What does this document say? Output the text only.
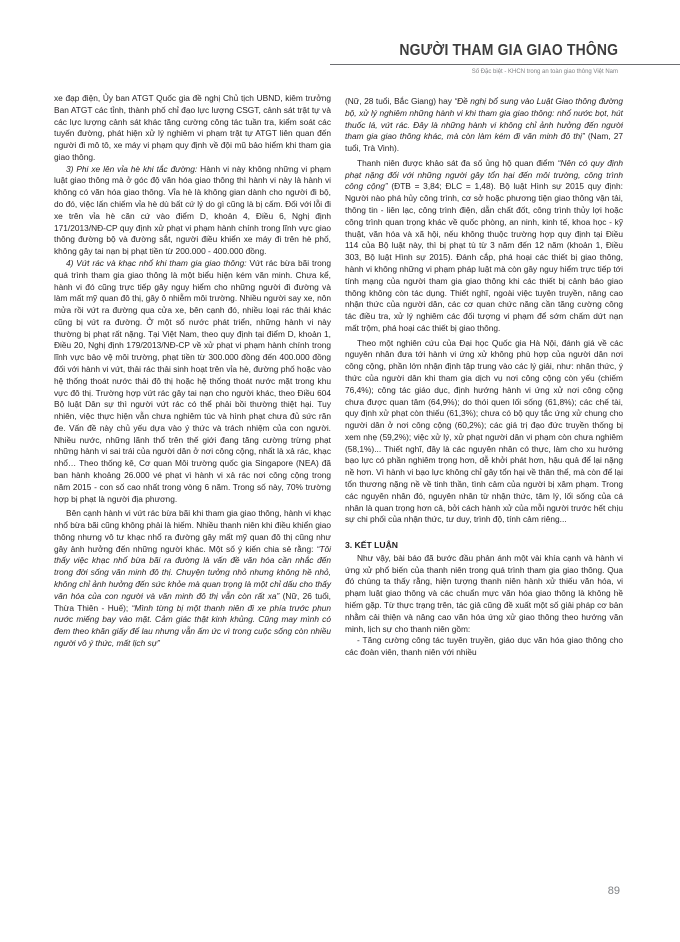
NGƯỜI THAM GIA GIAO THÔNG
Số Đặc biệt - KHCN trong an toàn giao thông Việt Nam

xe đạp điện, Ủy ban ATGT Quốc gia đề nghị Chủ tịch UBND, kiêm trưởng Ban ATGT các tỉnh, thành phố chỉ đạo lực lượng CSGT, cảnh sát trật tự và các lực lượng cảnh sát khác tăng cường công tác tuần tra, kiểm soát các tuyến đường, phát hiện xử lý nghiêm vi phạm trật tự ATGT liên quan đến người đi mô tô, xe máy vi phạm quy định về đội mũ bảo hiểm khi tham gia giao thông.

3) Phi xe lên vỉa hè khi tắc đường: Hành vi này không những vi phạm luật giao thông mà ở góc độ văn hóa giao thông thì hành vi này là hành vi không có văn hóa giao thông. Vỉa hè là không gian dành cho người đi bộ, do đó, việc lấn chiếm vỉa hè dù bất cứ lý do gì cũng là bị cấm. Đối với lỗi đi xe trên vỉa hè căn cứ vào điểm D, khoản 4, Điều 6, Nghị định 171/2013/NĐ-CP quy định xử phạt vi phạm hành chính trong lĩnh vực giao thông đường bộ và đường sắt, người điều khiển xe máy đi trên hè phố, không gây tai nạn bị phạt tiền từ 200.000 - 400.000 đồng.

4) Vứt rác và khạc nhổ khi tham gia giao thông: Vứt rác bừa bãi trong quá trình tham gia giao thông là một biểu hiện kém văn minh. Chưa kể, hành vi đó cũng trực tiếp gây nguy hiểm cho những người đi đường và làm mất mỹ quan đô thị, gây ô nhiễm môi trường. Nhiều người say xe, nôn mửa rồi vứt ra đường qua cửa xe, bên cạnh đó, nhiều loại rác thải khác cũng bị vứt ra đường. Ở một số nước phát triển, những hành vi này thường bị phạt rất nặng. Tại Việt Nam, theo quy định tại điểm D, khoản 1, Điều 20, Nghị định 179/2013/NĐ-CP về xử phạt vi phạm hành chính trong lĩnh vực bảo vệ môi trường, phạt tiền từ 300.000 đồng đến 400.000 đồng đối với hành vi vứt, thải rác thải sinh hoạt trên vỉa hè, đường phố hoặc vào hệ thống thoát nước thải đô thị hoặc hệ thống thoát nước mặt trong khu vực đô thị. Trường hợp vứt rác gây tai nạn cho người khác, theo Điều 604 Bộ luật Dân sự thì người vứt rác có thể phải bồi thường thiệt hại. Tuy nhiên, việc thực hiện vẫn chưa nghiêm túc và hình phạt chưa đủ sức răn đe. Vấn đề này chủ yếu dựa vào ý thức và trách nhiệm của con người. Nhiều nước, những lãnh thổ trên thế giới đang tăng cường trừng phạt những hành vi sai trái của người dân ở nơi công cộng, nhất là xả rác, khạc nhổ… Theo thống kê, Cơ quan Môi trường quốc gia Singapore (NEA) đã ban hành khoảng 26.000 vé phạt vì hành vi xả rác nơi công cộng trong năm 2015 - con số cao nhất trong vòng 6 năm. Trong số này, 70% trường hợp bị phạt là người địa phương.

Bên cạnh hành vi vứt rác bừa bãi khi tham gia giao thông, hành vi khạc nhổ bừa bãi cũng không phải là hiếm. Nhiều thanh niên khi điều khiển giao thông nhưng vô tư khạc nhổ ra đường gây mất mỹ quan đô thị cũng như gây ảnh hưởng đến những người khác. Một số ý kiến chia sẻ rằng: “Tôi thấy việc khạc nhổ bừa bãi ra đường là vấn đề văn hóa cần nhắc đến trong đời sống văn minh đô thị. Chuyện tưởng nhỏ nhưng không hề nhỏ, không chỉ ảnh hưởng đến sức khỏe mà quan trọng là một chỉ dấu cho thấy văn hóa của con người và văn minh đô thị vẫn còn rất xa” (Nữ, 26 tuổi, Thừa Thiên - Huế); “Mình từng bị một thanh niên đi xe phía trước phun nước miếng bay vào mặt. Cảm giác thật kinh khủng. Cũng may mình có đem theo khăn giấy để lau nhưng vẫn ấm ức vì trong cuộc sống còn nhiều người vô ý thức, mất lịch sự”

(Nữ, 28 tuổi, Bắc Giang) hay “Đề nghị bổ sung vào Luật Giao thông đường bộ, xử lý nghiêm những hành vi khi tham gia giao thông: nhổ nước bọt, hút thuốc lá, vứt rác. Đây là những hành vi không chỉ ảnh hưởng đến người tham gia giao thông khác, mà còn làm kém đi văn minh đô thị” (Nam, 27 tuổi, Trà Vinh).

Thanh niên được khảo sát đa số ủng hộ quan điểm “Nên có quy định phạt nặng đối với những người gây tổn hại đến môi trường, công trình công cộng” (ĐTB = 3,84; ĐLC = 1,48). Bộ luật Hình sự 2015 quy định: Người nào phá hủy công trình, cơ sở hoặc phương tiện giao thông vận tải, thông tin - liên lạc, công trình điện, dẫn chất đốt, công trình thủy lợi hoặc công trình quan trọng khác về quốc phòng, an ninh, kinh tế, khoa học - kỹ thuật, văn hóa và xã hội, nếu không thuộc trường hợp quy định tại Điều 114 của Bộ luật này, thì bị phạt tù từ 3 năm đến 12 năm (khoản 1, Điều 303, Bộ luật Hình sự 2015). Đánh cắp, phá hoại các thiết bị giao thông, hành vi không những vi phạm pháp luật mà còn gây nguy hiểm trực tiếp tới tính mạng của người tham gia giao thông khi các thiết bị cảnh báo giao thông không còn tác dụng. Thiết nghĩ, ngoài việc tuyên truyền, nâng cao nhận thức của người dân, các cơ quan chức năng cần tăng cường công tác điều tra, xử lý nghiêm các đối tượng vi phạm để sớm chấm dứt nạn mất trộm, phá hoại các thiết bị giao thông.

Theo một nghiên cứu của Đại học Quốc gia Hà Nội, đánh giá về các nguyên nhân đưa tới hành vi ứng xử không phù hợp của người dân nơi công cộng, phần lớn nhận định tập trung vào các lý giải, như: nhận thức, ý thức của người dân khi tham gia dịch vụ nơi công cộng còn yếu (chiếm 76,4%); công tác giáo dục, định hướng hành vi ứng xử nơi công cộng chưa được quan tâm (64,9%); do thói quen lối sống (61,8%); các chế tài, quy định xử phạt còn thiếu (61,3%); chưa có bộ quy tắc ứng xử chung cho người dân ở nơi công cộng (60,2%); các giá trị đạo đức truyền thống bị xem nhẹ (59,2%); việc xử lý, xử phạt người dân vi phạm còn chưa nghiêm (58,1%)... Thiết nghĩ, đây là các nguyên nhân có thực, làm cho xu hướng bạo lực có phần nghiêm trọng hơn, dễ khởi phát hơn, hậu quả để lại nặng nề hơn. Vì hành vi bạo lực không chỉ gây tổn hại về thân thể, mà còn để lại tổn thương nặng nề về tinh thần, tình cảm của người bị xâm phạm. Trong các nguyên nhân đó, nguyên nhân từ nhận thức, tâm lý, lối sống của cá nhân là quan trọng hơn cả, bởi cách hành xử của mỗi người trước hết chịu sự chi phối của nhận thức, tư duy, trình độ, tính cảm riêng...

3. KẾT LUẬN

Như vậy, bài báo đã bước đầu phản ánh một vài khía cạnh và hành vi ứng xử phổ biến của thanh niên trong quá trình tham gia giao thông. Qua đó chúng ta thấy rằng, hiện tượng thanh niên hành xử thiếu văn hóa, vi phạm luật giao thông và các chuẩn mực văn hóa giao thông là không hề hiếm gặp. Từ thực trạng trên, tác giả cũng đề xuất một số giải pháp cơ bản nhằm cải thiện và nâng cao văn hóa ứng xử giao thông theo hướng văn minh, lịch sự cho thanh niên gồm:

- Tăng cường công tác tuyên truyền, giáo dục văn hóa giao thông cho các đoàn viên, thanh niên với nhiều

89
